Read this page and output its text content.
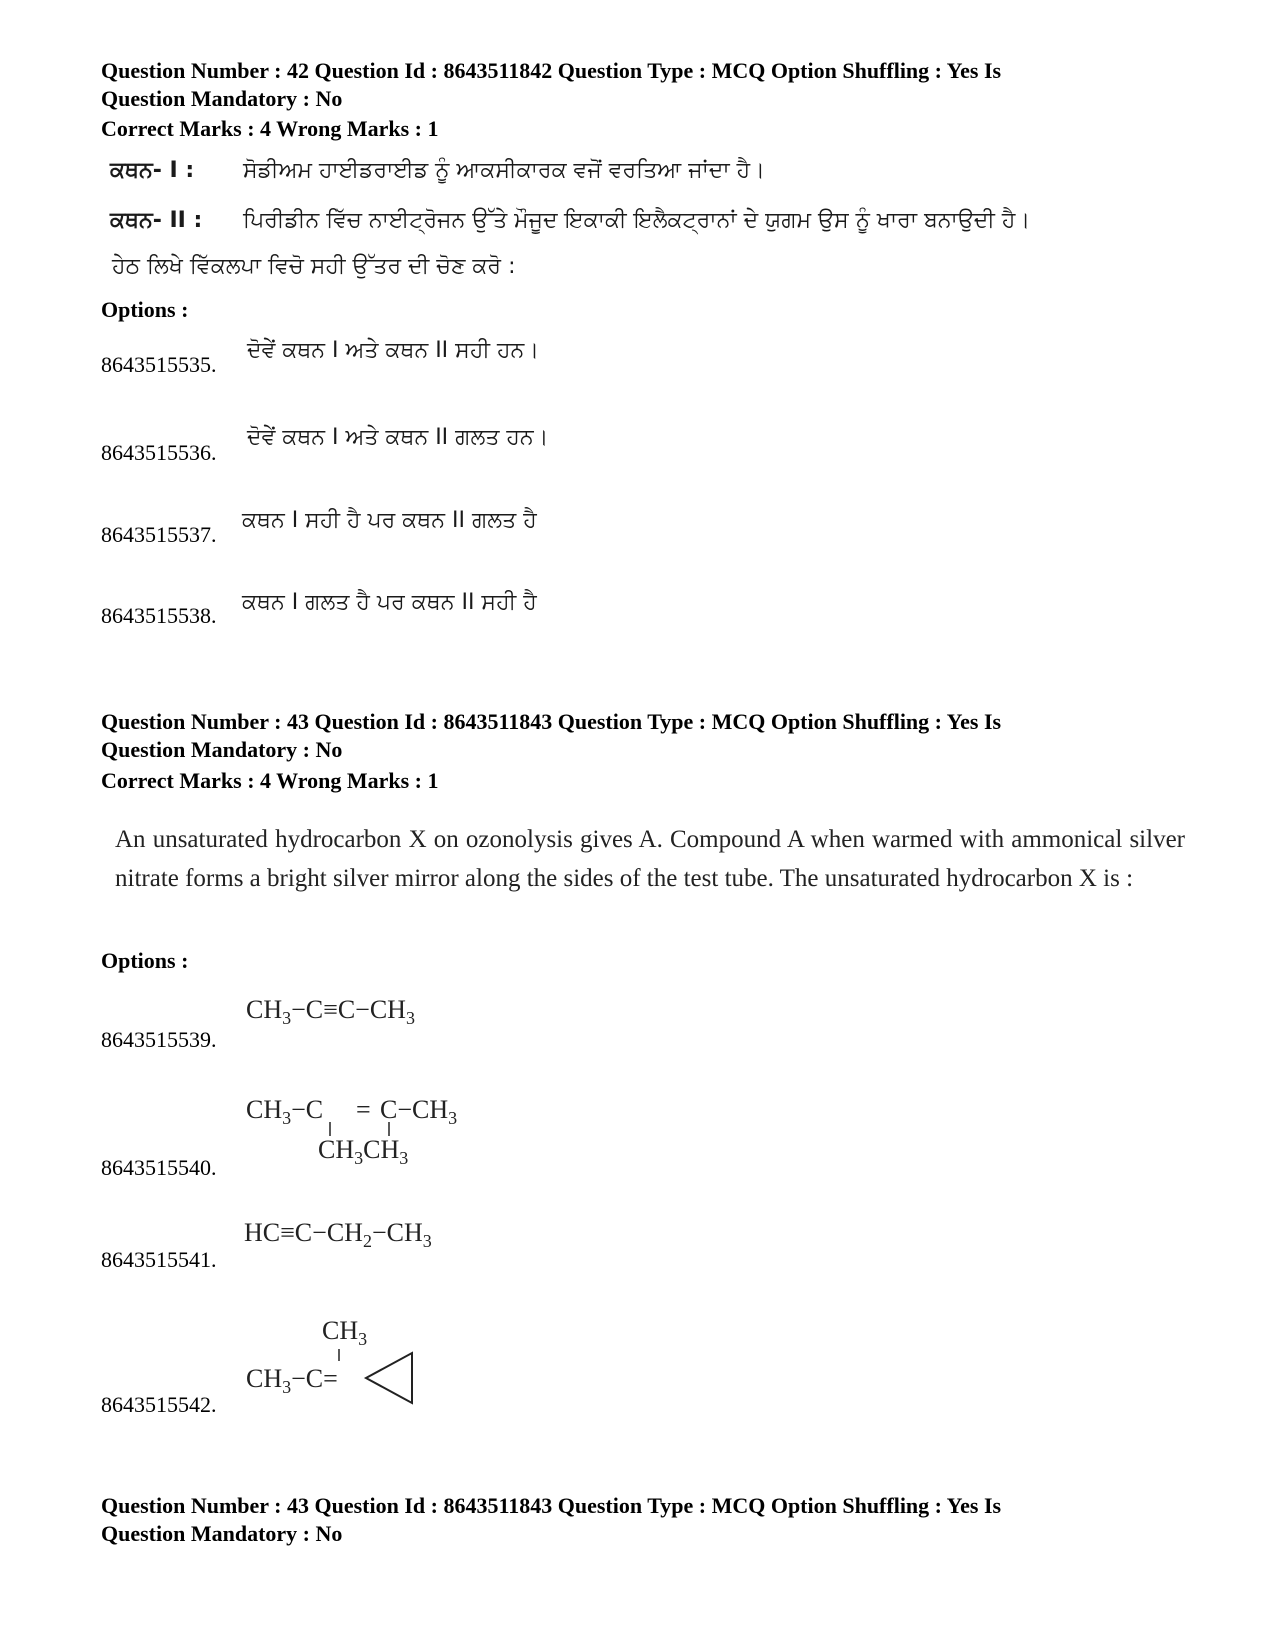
Question Number : 42 Question Id : 8643511842 Question Type : MCQ Option Shuffling : Yes Is
Question Mandatory : No
Correct Marks : 4 Wrong Marks : 1
ਕਥਨ- I : ਸੋਡੀਅਮ ਹਾਈਡਰਾਈਡ ਨੂੰ ਆਕਸੀਕਾਰਕ ਵਜੋਂ ਵਰਤਿਆ ਜਾਂਦਾ ਹੈ।
ਕਥਨ- II : ਪਿਰੀਡੀਨ ਵਿੱਚ ਨਾਈਟ੍ਰੋਜਨ ਉੱਤੇ ਮੌਜੂਦ ਇਕਾਕੀ ਇਲੈਕਟ੍ਰਾਨਾਂ ਦੇ ਯੁਗਮ ਉਸ ਨੂੰ ਖਾਰਾ ਬਨਾਉਦੀ ਹੈ।
ਹੇਠ ਲਿਖੇ ਵਿੱਕਲਪਾ ਵਿਚੋ ਸਹੀ ਉੱਤਰ ਦੀ ਚੋਣ ਕਰੋ :
Options :
8643515535.
ਦੋਵੇਂ ਕਥਨ I ਅਤੇ ਕਥਨ II ਸਹੀ ਹਨ।
8643515536.
ਦੋਵੇਂ ਕਥਨ I ਅਤੇ ਕਥਨ II ਗਲਤ ਹਨ।
8643515537.
ਕਥਨ I ਸਹੀ ਹੈ ਪਰ ਕਥਨ II ਗਲਤ ਹੈ
8643515538.
ਕਥਨ I ਗਲਤ ਹੈ ਪਰ ਕਥਨ II ਸਹੀ ਹੈ
Question Number : 43 Question Id : 8643511843 Question Type : MCQ Option Shuffling : Yes Is
Question Mandatory : No
Correct Marks : 4 Wrong Marks : 1
An unsaturated hydrocarbon X on ozonolysis gives A. Compound A when warmed with ammonical silver nitrate forms a bright silver mirror along the sides of the test tube. The unsaturated hydrocarbon X is :
Options :
8643515539.
$CH_3-C\equiv C-CH_3$
8643515540.
$CH_3-C = C-CH_3$
$CH_3CH_3$
8643515541.
$HC\equiv C-CH_2-CH_3$
8643515542.
$CH_3$
$CH_3-C=$
Question Number : 43 Question Id : 8643511843 Question Type : MCQ Option Shuffling : Yes Is
Question Mandatory : No
